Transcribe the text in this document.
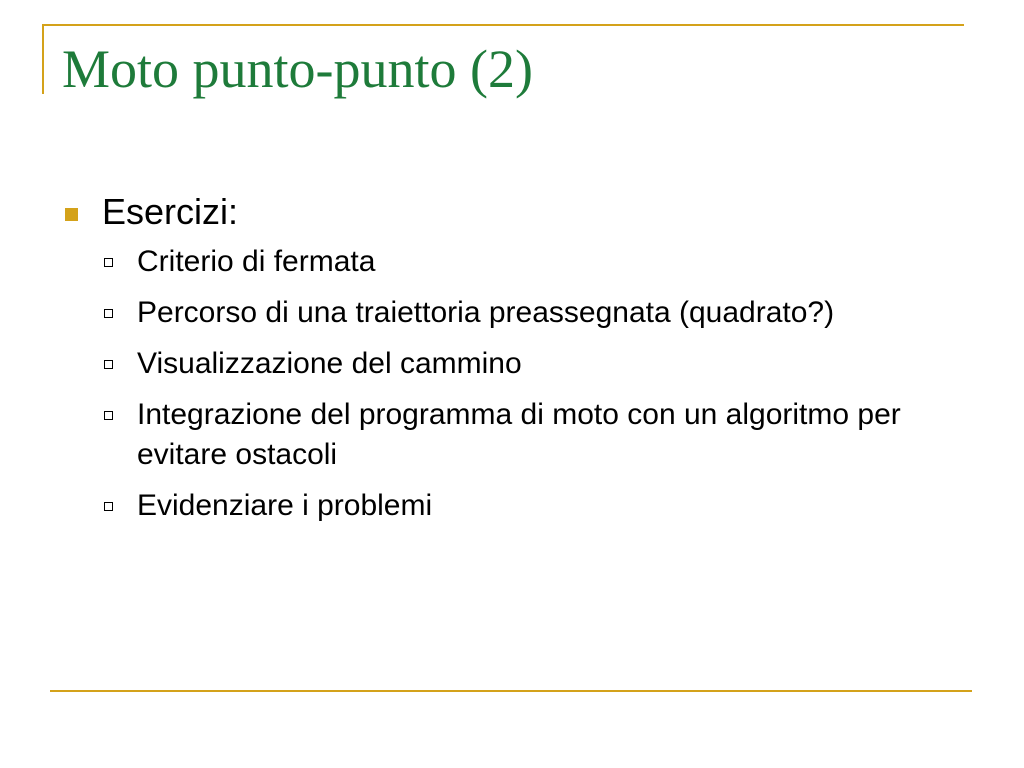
Moto punto-punto (2)
Esercizi:
Criterio di fermata
Percorso di una traiettoria preassegnata (quadrato?)
Visualizzazione del cammino
Integrazione del programma di moto con un algoritmo per evitare ostacoli
Evidenziare i problemi
